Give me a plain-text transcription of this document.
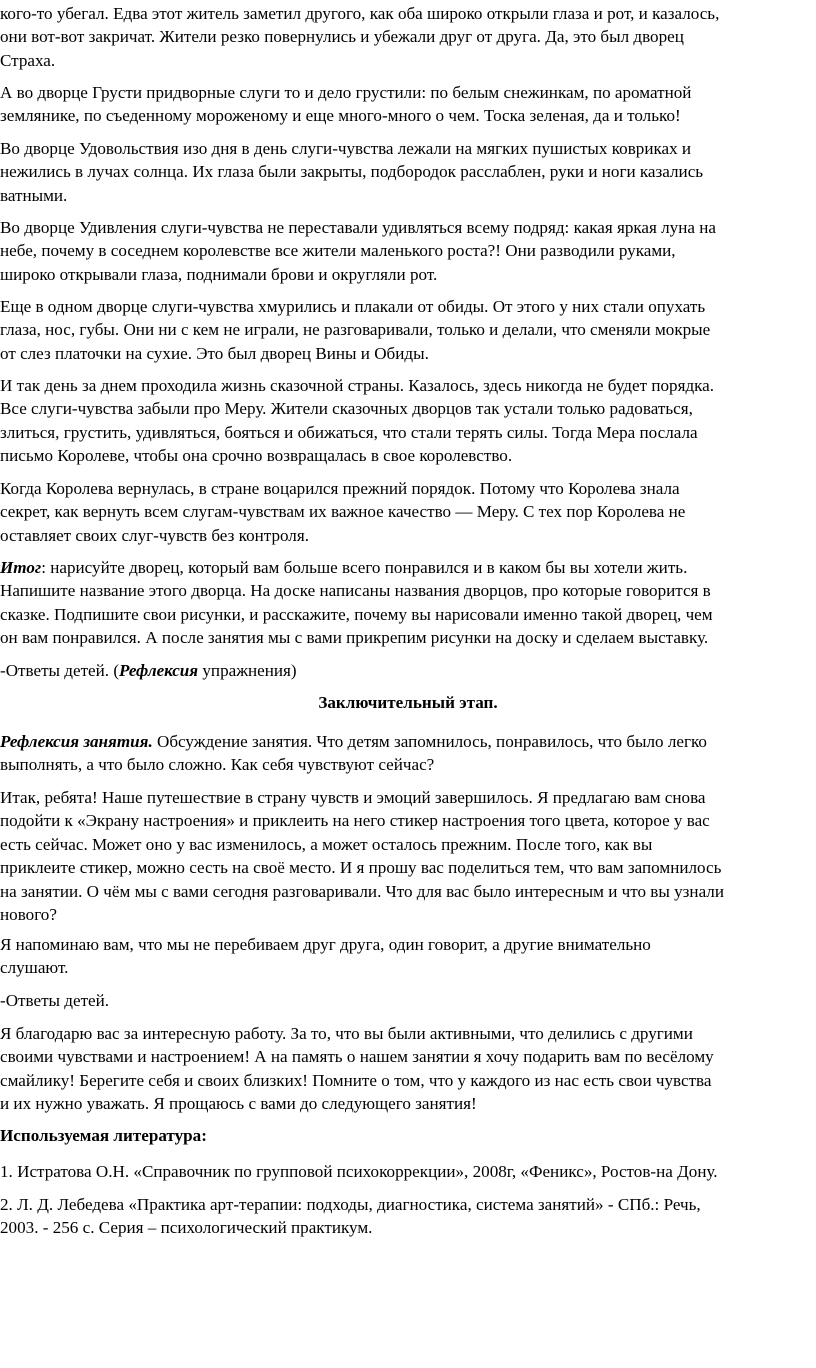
кого-то убегал. Едва этот житель заметил другого, как оба широко открыли глаза и рот, и казалось,
они вот-вот закричат. Жители резко повернулись и убежали друг от друга. Да, это был дворец
Страха.

А во дворце Грусти придворные слуги то и дело грустили: по белым снежинкам, по ароматной
землянике, по съеденному мороженому и еще много-много о чем. Тоска зеленая, да и только!

Во дворце Удовольствия изо дня в день слуги-чувства лежали на мягких пушистых ковриках и
нежились в лучах солнца. Их глаза были закрыты, подбородок расслаблен, руки и ноги казались
ватными.

Во дворце Удивления слуги-чувства не переставали удивляться всему подряд: какая яркая луна на
небе, почему в соседнем королевстве все жители маленького роста?! Они разводили руками,
широко открывали глаза, поднимали брови и округляли рот.

Еще в одном дворце слуги-чувства хмурились и плакали от обиды. От этого у них стали опухать
глаза, нос, губы. Они ни с кем не играли, не разговаривали, только и делали, что сменяли мокрые
от слез платочки на сухие. Это был дворец Вины и Обиды.

И так день за днем проходила жизнь сказочной страны. Казалось, здесь никогда не будет порядка.
Все слуги-чувства забыли про Меру. Жители сказочных дворцов так устали только радоваться,
злиться, грустить, удивляться, бояться и обижаться, что стали терять силы. Тогда Мера послала
письмо Королеве, чтобы она срочно возвращалась в свое королевство.

Когда Королева вернулась, в стране воцарился прежний порядок. Потому что Королева знала
секрет, как вернуть всем слугам-чувствам их важное качество — Меру. С тех пор Королева не
оставляет своих слуг-чувств без контроля.

Итог: нарисуйте дворец, который вам больше всего понравился и в каком бы вы хотели жить.
Напишите название этого дворца. На доске написаны названия дворцов, про которые говорится в
сказке. Подпишите свои рисунки, и расскажите, почему вы нарисовали именно такой дворец, чем
он вам понравился. А после занятия мы с вами прикрепим рисунки на доску и сделаем выставку.

-Ответы детей. (Рефлексия упражнения)

Заключительный этап.

Рефлексия занятия. Обсуждение занятия. Что детям запомнилось, понравилось, что было легко
выполнять, а что было сложно. Как себя чувствуют сейчас?

Итак, ребята! Наше путешествие в страну чувств и эмоций завершилось. Я предлагаю вам снова
подойти к «Экрану настроения» и приклеить на него стикер настроения того цвета, которое у вас
есть сейчас. Может оно у вас изменилось, а может осталось прежним. После того, как вы
приклеите стикер, можно сесть на своё место. И я прошу вас поделиться тем, что вам запомнилось
на занятии. О чём мы с вами сегодня разговаривали. Что для вас было интересным и что вы узнали
нового?

Я напоминаю вам, что мы не перебиваем друг друга, один говорит, а другие внимательно
слушают.

-Ответы детей.

Я благодарю вас за интересную работу. За то, что вы были активными, что делились с другими
своими чувствами и настроением! А на память о нашем занятии я хочу подарить вам по весёлому
смайлику! Берегите себя и своих близких! Помните о том, что у каждого из нас есть свои чувства
и их нужно уважать. Я прощаюсь с вами до следующего занятия!

Используемая литература:

1. Истратова О.Н. «Справочник по групповой психокоррекции», 2008г, «Феникс», Ростов-на Дону.

2. Л. Д. Лебедева «Практика арт-терапии: подходы, диагностика, система занятий» - СПб.: Речь,
2003. - 256 с. Серия – психологический практикум.
